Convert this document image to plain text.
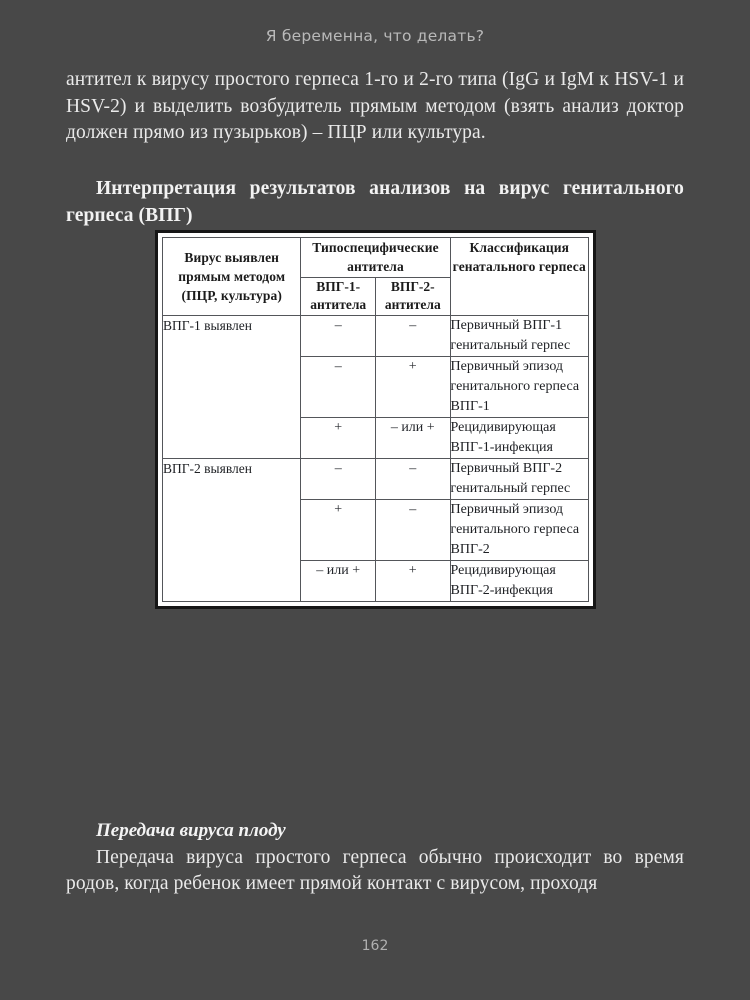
Я беременна, что делать?

антител к вирусу простого герпеса 1-го и 2-го типа (IgG и IgM к HSV-1 и HSV-2) и выделить возбудитель прямым методом (взять анализ доктор должен прямо из пузырьков) – ПЦР или культура.

Интерпретация результатов анализов на вирус генитального герпеса (ВПГ)

Вирус выявлен прямым методом (ПЦР, культура)	Типоспецифические антитела		Классификация генатального герпеса
	ВПГ-1-антитела	ВПГ-2-антитела	
ВПГ-1 выявлен	–	–	Первичный ВПГ-1 генитальный герпес
	–	+	Первичный эпизод генитального герпеса ВПГ-1
	+	– или +	Рецидивирующая ВПГ-1-инфекция
ВПГ-2 выявлен	–	–	Первичный ВПГ-2 генитальный герпес
	+	–	Первичный эпизод генитального герпеса ВПГ-2
	– или +	+	Рецидивирующая ВПГ-2-инфекция

Передача вируса плоду

Передача вируса простого герпеса обычно происходит во время родов, когда ребенок имеет прямой контакт с вирусом, проходя

162
